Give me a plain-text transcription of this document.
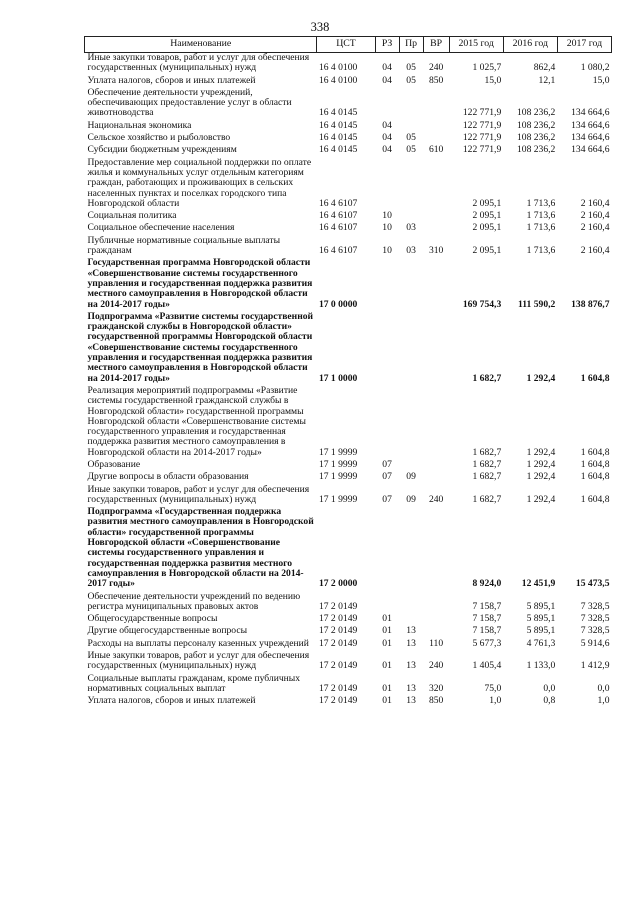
338
Наименование	ЦСТ	РЗ	Пр	ВР	2015 год	2016 год	2017 год
Иные закупки товаров, работ и услуг для обеспечения государственных (муниципальных) нужд	16 4 0100	04	05	240	1 025,7	862,4	1 080,2
Уплата налогов, сборов и иных платежей	16 4 0100	04	05	850	15,0	12,1	15,0
Обеспечение деятельности учреждений, обеспечивающих предоставление услуг в области животноводства	16 4 0145				122 771,9	108 236,2	134 664,6
Национальная экономика	16 4 0145	04			122 771,9	108 236,2	134 664,6
Сельское хозяйство и рыболовство	16 4 0145	04	05		122 771,9	108 236,2	134 664,6
Субсидии бюджетным учреждениям	16 4 0145	04	05	610	122 771,9	108 236,2	134 664,6
Предоставление мер социальной поддержки по оплате жилья и коммунальных услуг отдельным категориям граждан, работающих и проживающих в сельских населенных пунктах и поселках городского типа Новгородской области	16 4 6107				2 095,1	1 713,6	2 160,4
Социальная политика	16 4 6107	10			2 095,1	1 713,6	2 160,4
Социальное обеспечение населения	16 4 6107	10	03		2 095,1	1 713,6	2 160,4
Публичные нормативные социальные выплаты гражданам	16 4 6107	10	03	310	2 095,1	1 713,6	2 160,4
Государственная программа Новгородской области «Совершенствование системы государственного управления и государственная поддержка развития местного самоуправления в Новгородской области на 2014-2017 годы»	17 0 0000				169 754,3	111 590,2	138 876,7
Подпрограмма «Развитие системы государственной гражданской службы в Новгородской области» государственной программы Новгородской области «Совершенствование системы государственного управления и государственная поддержка развития местного самоуправления в Новгородской области на 2014-2017 годы»	17 1 0000				1 682,7	1 292,4	1 604,8
Реализация мероприятий подпрограммы «Развитие системы государственной гражданской службы в Новгородской области» государственной программы Новгородской области «Совершенствование системы государственного управления и государственная поддержка развития местного самоуправления в Новгородской области на 2014-2017 годы»	17 1 9999				1 682,7	1 292,4	1 604,8
Образование	17 1 9999	07			1 682,7	1 292,4	1 604,8
Другие вопросы в области образования	17 1 9999	07	09		1 682,7	1 292,4	1 604,8
Иные закупки товаров, работ и услуг для обеспечения государственных (муниципальных) нужд	17 1 9999	07	09	240	1 682,7	1 292,4	1 604,8
Подпрограмма «Государственная поддержка развития местного самоуправления в Новгородской области» государственной программы Новгородской области «Совершенствование системы государственного управления и государственная поддержка развития местного самоуправления в Новгородской области на 2014-2017 годы»	17 2 0000				8 924,0	12 451,9	15 473,5
Обеспечение деятельности учреждений по ведению регистра муниципальных правовых актов	17 2 0149				7 158,7	5 895,1	7 328,5
Общегосударственные вопросы	17 2 0149	01			7 158,7	5 895,1	7 328,5
Другие общегосударственные вопросы	17 2 0149	01	13		7 158,7	5 895,1	7 328,5
Расходы на выплаты персоналу казенных учреждений	17 2 0149	01	13	110	5 677,3	4 761,3	5 914,6
Иные закупки товаров, работ и услуг для обеспечения государственных (муниципальных) нужд	17 2 0149	01	13	240	1 405,4	1 133,0	1 412,9
Социальные выплаты гражданам, кроме публичных нормативных социальных выплат	17 2 0149	01	13	320	75,0	0,0	0,0
Уплата налогов, сборов и иных платежей	17 2 0149	01	13	850	1,0	0,8	1,0
